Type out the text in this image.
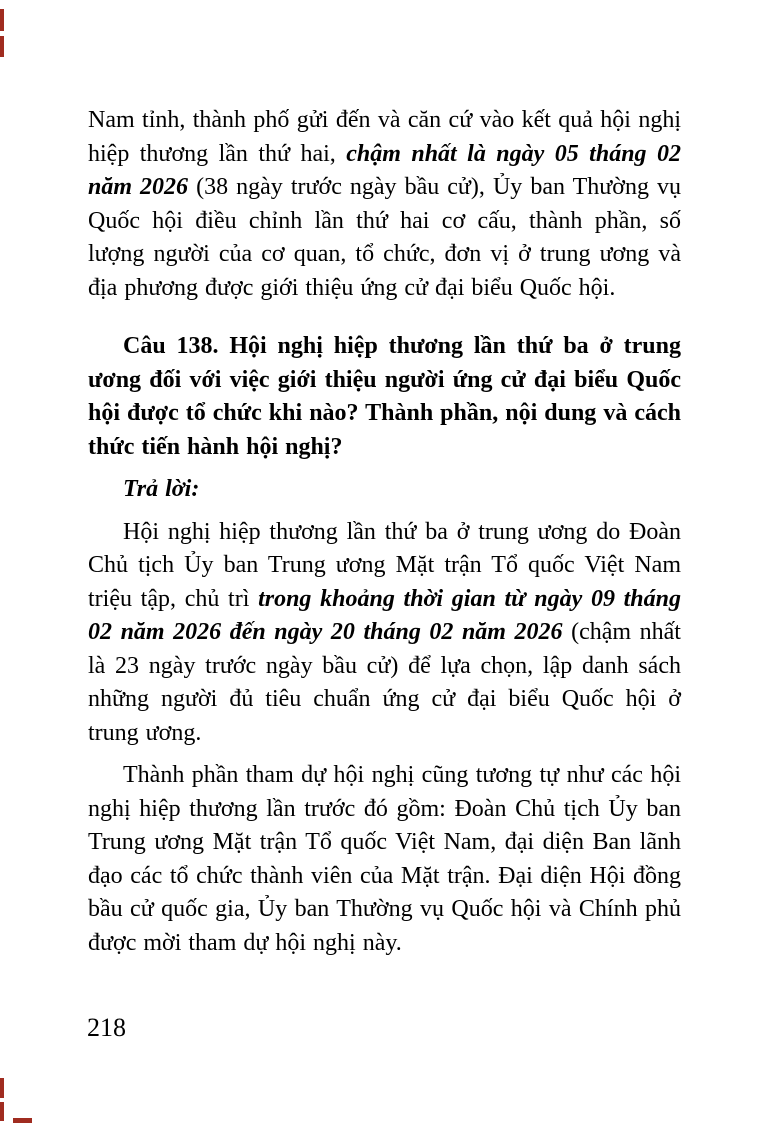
Nam tỉnh, thành phố gửi đến và căn cứ vào kết quả hội nghị hiệp thương lần thứ hai, chậm nhất là ngày 05 tháng 02 năm 2026 (38 ngày trước ngày bầu cử), Ủy ban Thường vụ Quốc hội điều chỉnh lần thứ hai cơ cấu, thành phần, số lượng người của cơ quan, tổ chức, đơn vị ở trung ương và địa phương được giới thiệu ứng cử đại biểu Quốc hội.

Câu 138. Hội nghị hiệp thương lần thứ ba ở trung ương đối với việc giới thiệu người ứng cử đại biểu Quốc hội được tổ chức khi nào? Thành phần, nội dung và cách thức tiến hành hội nghị?

Trả lời:

Hội nghị hiệp thương lần thứ ba ở trung ương do Đoàn Chủ tịch Ủy ban Trung ương Mặt trận Tổ quốc Việt Nam triệu tập, chủ trì trong khoảng thời gian từ ngày 09 tháng 02 năm 2026 đến ngày 20 tháng 02 năm 2026 (chậm nhất là 23 ngày trước ngày bầu cử) để lựa chọn, lập danh sách những người đủ tiêu chuẩn ứng cử đại biểu Quốc hội ở trung ương.

Thành phần tham dự hội nghị cũng tương tự như các hội nghị hiệp thương lần trước đó gồm: Đoàn Chủ tịch Ủy ban Trung ương Mặt trận Tổ quốc Việt Nam, đại diện Ban lãnh đạo các tổ chức thành viên của Mặt trận. Đại diện Hội đồng bầu cử quốc gia, Ủy ban Thường vụ Quốc hội và Chính phủ được mời tham dự hội nghị này.

218
